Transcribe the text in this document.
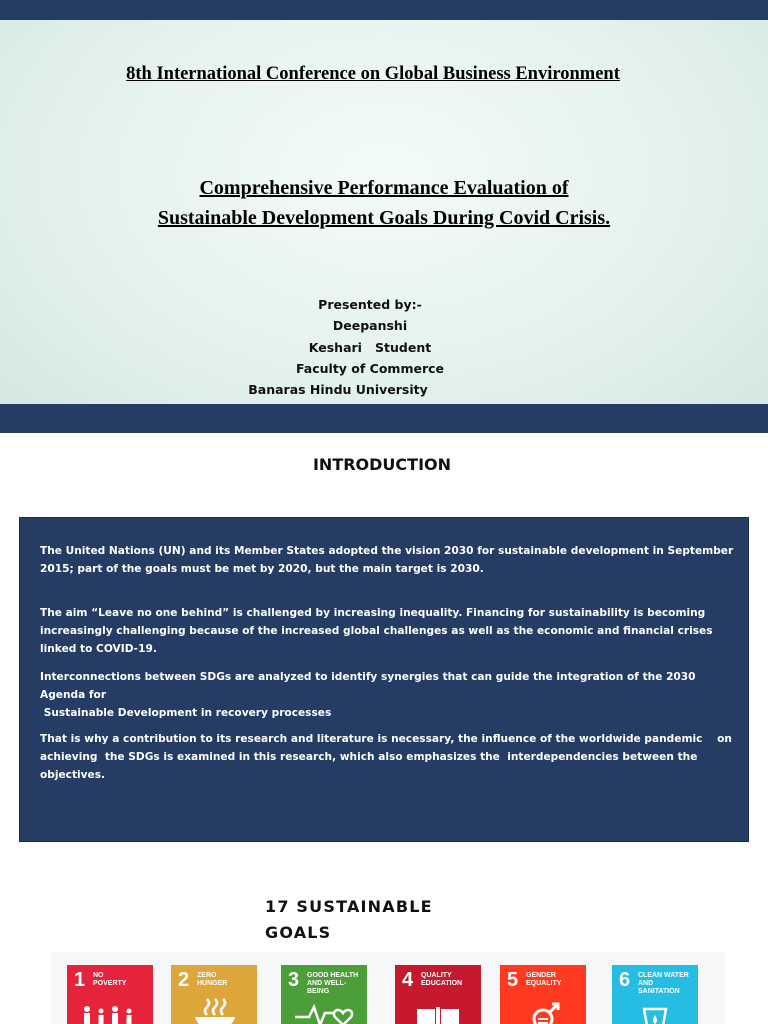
8th International Conference on Global Business Environment
Comprehensive Performance Evaluation of
Sustainable Development Goals During Covid Crisis.
Presented by:-
Deepanshi
Keshari   Student
Faculty of Commerce
Banaras Hindu University
INTRODUCTION

The United Nations (UN) and its Member States adopted the vision 2030 for sustainable development in September 2015; part of the goals must be met by 2020, but the main target is 2030.

The aim “Leave no one behind” is challenged by increasing inequality. Financing for sustainability is becoming increasingly challenging because of the increased global challenges as well as the economic and financial crises linked to COVID-19.

Interconnections between SDGs are analyzed to identify synergies that can guide the integration of the 2030 Agenda for
Sustainable Development in recovery processes

That is why a contribution to its research and literature is necessary, the influence of the worldwide pandemic    on achieving  the SDGs is examined in this research, which also emphasizes the  interdependencies between the objectives.

17 SUSTAINABLE
GOALS
1 NO
POVERTY	2 ZERO
HUNGER	3 GOOD HEALTH
AND WELL-BEING
4 QUALITY
EDUCATION	5 GENDER
EQUALITY	6 CLEAN WATER
AND SANITATION
